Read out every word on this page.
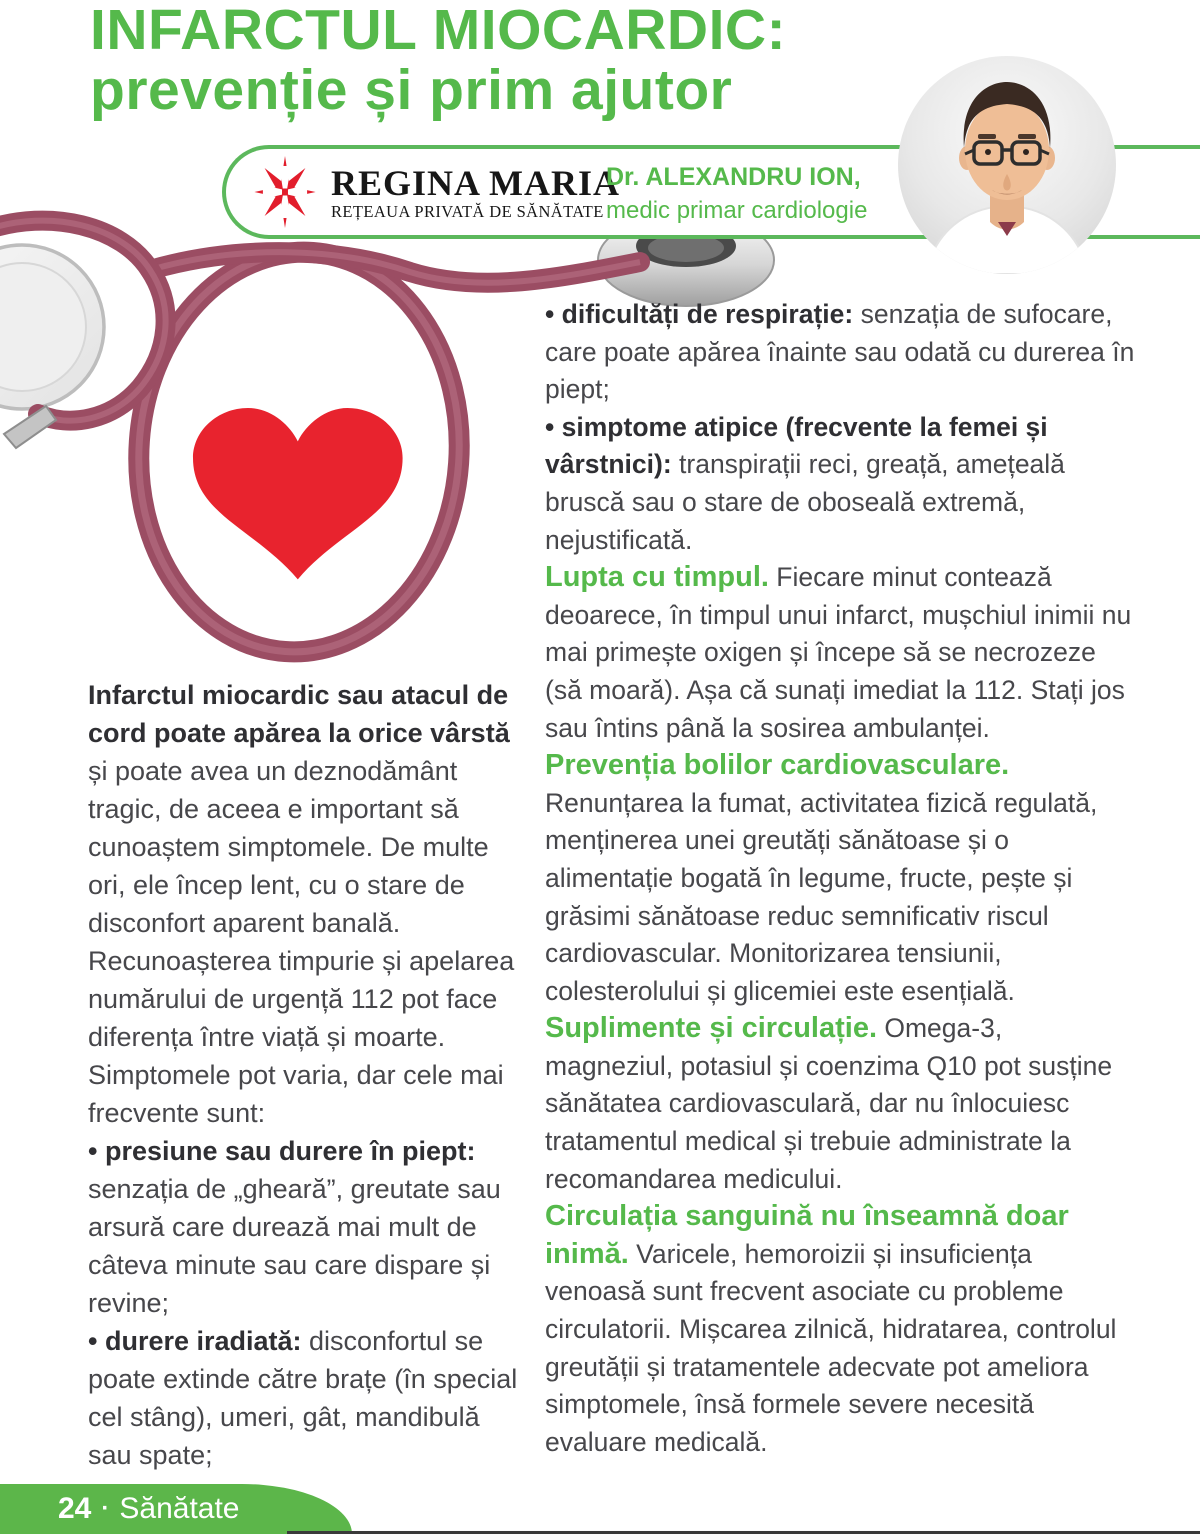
INFARCTUL MIOCARDIC:
prevenție și prim ajutor
REGINA MARIA
REȚEAUA PRIVATĂ DE SĂNĂTATE
Dr. ALEXANDRU ION,
medic primar cardiologie

Infarctul miocardic sau atacul de cord poate apărea la orice vârstă și poate avea un deznodământ tragic, de aceea e important să cunoaștem simptomele. De multe ori, ele încep lent, cu o stare de disconfort aparent banală. Recunoașterea timpurie și apelarea numărului de urgență 112 pot face diferența între viață și moarte. Simptomele pot varia, dar cele mai frecvente sunt:

• presiune sau durere în piept: senzația de „gheară”, greutate sau arsură care durează mai mult de câteva minute sau care dispare și revine;

• durere iradiată: disconfortul se poate extinde către brațe (în special cel stâng), umeri, gât, mandibulă sau spate;

• dificultăți de respirație: senzația de sufocare, care poate apărea înainte sau odată cu durerea în piept;

• simptome atipice (frecvente la femei și vârstnici): transpirații reci, greață, amețeală bruscă sau o stare de oboseală extremă, nejustificată.

Lupta cu timpul. Fiecare minut contează deoarece, în timpul unui infarct, mușchiul inimii nu mai primește oxigen și începe să se necrozeze (să moară). Așa că sunați imediat la 112. Stați jos sau întins până la sosirea ambulanței.

Prevenția bolilor cardiovasculare. Renunțarea la fumat, activitatea fizică regulată, menținerea unei greutăți sănătoase și o alimentație bogată în legume, fructe, pește și grăsimi sănătoase reduc semnificativ riscul cardiovascular. Monitorizarea tensiunii, colesterolului și glicemiei este esențială.

Suplimente și circulație. Omega-3, magneziul, potasiul și coenzima Q10 pot susține sănătatea cardiovasculară, dar nu înlocuiesc tratamentul medical și trebuie administrate la recomandarea medicului.

Circulația sanguină nu înseamnă doar inimă. Varicele, hemoroizii și insuficiența venoasă sunt frecvent asociate cu probleme circulatorii. Mișcarea zilnică, hidratarea, controlul greutății și tratamentele adecvate pot ameliora simptomele, însă formele severe necesită evaluare medicală.

24 · Sănătate
